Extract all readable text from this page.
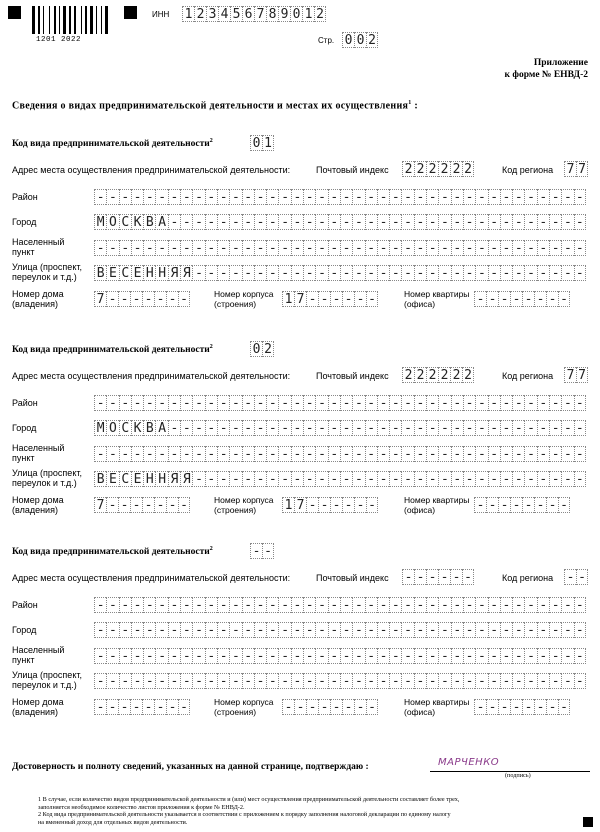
1201 2022
ИНН 1 2 3 4 5 6 7 8 9 0 1 2
Стр. 0 0 2
Приложение
к форме № ЕНВД-2
Сведения о видах предпринимательской деятельности и местах их осуществления$^1$ :
Код вида предпринимательской деятельности$^2$	0 1
Адрес места осуществления предпринимательской деятельности:	Почтовый индекс 2 2 2 2 2 2	Код региона 7 7
Район	- - - - - - - - - - - - - - - - - - - - - - - - - - - - - - - - - - - - - - - -
Город	М О С К В А - - - - - - - - - - - - - - - - - - - - - - - - - - - - - - - - - -
Населенный
пункт	- - - - - - - - - - - - - - - - - - - - - - - - - - - - - - - - - - - - - - - -
Улица (проспект,
переулок и т.д.) В Е С Е Н Н Я Я - - - - - - - - - - - - - - - - - - - - - - - - - - - - - - - -
Номер дома
(владения)	7 - - - - - - -	Номер корпуса
(строения) 1 7 - - - - - -	Номер квартиры
(офиса)	- - - - - - - -
Код вида предпринимательской деятельности$^2$	0 2
Адрес места осуществления предпринимательской деятельности:	Почтовый индекс 2 2 2 2 2 2	Код региона 7 7
Район	- - - - - - - - - - - - - - - - - - - - - - - - - - - - - - - - - - - - - - - -
Город	М О С К В А - - - - - - - - - - - - - - - - - - - - - - - - - - - - - - - - - -
Населенный
пункт	- - - - - - - - - - - - - - - - - - - - - - - - - - - - - - - - - - - - - - - -
Улица (проспект,
переулок и т.д.) В Е С Е Н Н Я Я - - - - - - - - - - - - - - - - - - - - - - - - - - - - - - - -
Номер дома
(владения)	7 - - - - - - -	Номер корпуса
(строения) 1 7 - - - - - -	Номер квартиры
(офиса)	- - - - - - - -
Код вида предпринимательской деятельности$^2$	- -
Адрес места осуществления предпринимательской деятельности:	Почтовый индекс - - - - - -	Код региона - -
Район	- - - - - - - - - - - - - - - - - - - - - - - - - - - - - - - - - - - - - - - -
Город	- - - - - - - - - - - - - - - - - - - - - - - - - - - - - - - - - - - - - - - -
Населенный
пункт	- - - - - - - - - - - - - - - - - - - - - - - - - - - - - - - - - - - - - - - -
Улица (проспект,
переулок и т.д.) - - - - - - - - - - - - - - - - - - - - - - - - - - - - - - - - - - - - - - - -
Номер дома
(владения)	- - - - - - - -	Номер корпуса
(строения) - - - - - - - -	Номер квартиры
(офиса)	- - - - - - - -
Достоверность и полноту сведений, указанных на данной странице, подтверждаю :	МАРЧЕНКО
(подпись)
1 В случае, если количество видов предпринимательской деятельности и (или) мест осуществления предпринимательской деятельности составляет более трех,
заполняется необходимое количество листов приложения к форме № ЕНВД-2.
2 Код вида предпринимательской деятельности указывается в соответствии с приложением к порядку заполнения налоговой декларации по единому налогу
на вмененный доход для отдельных видов деятельности.
